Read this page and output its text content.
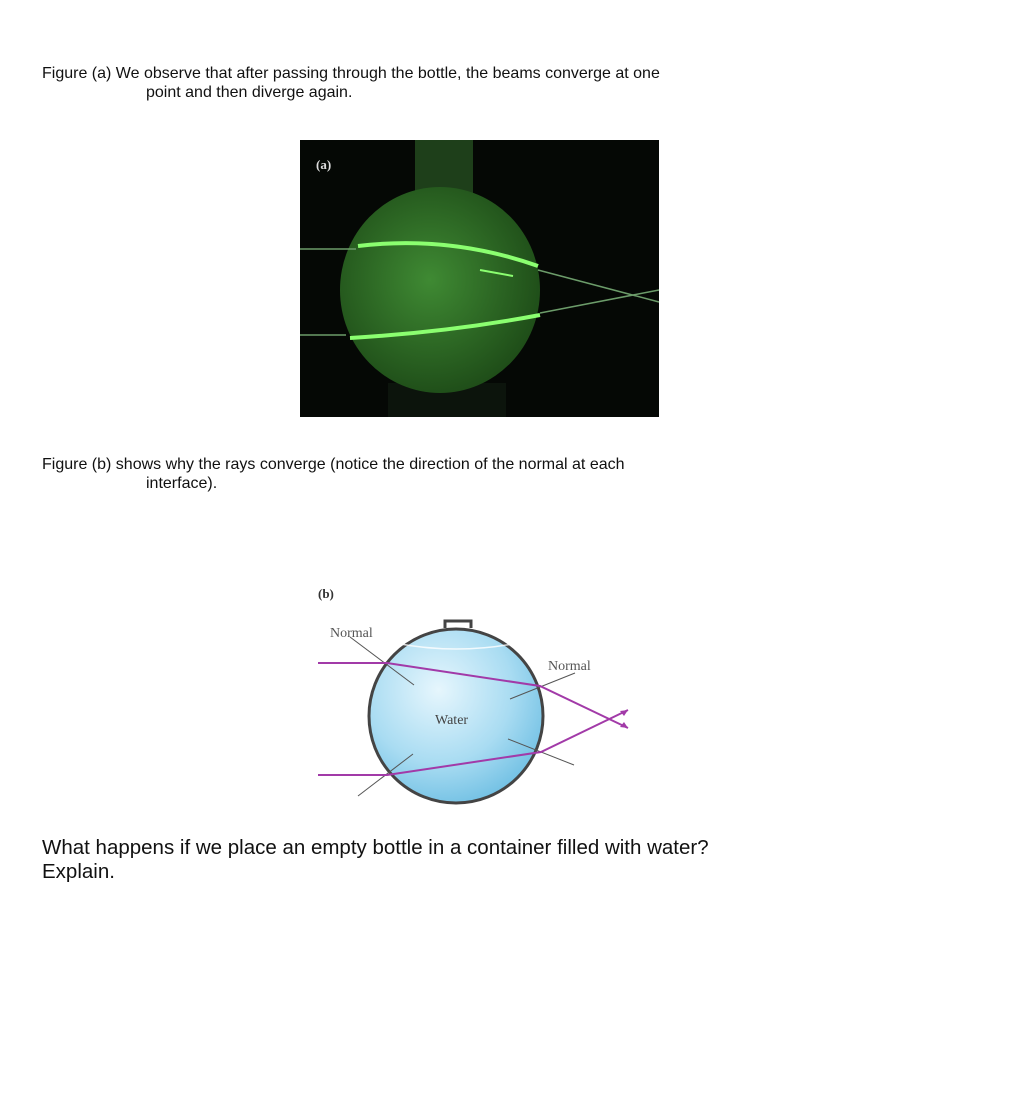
Figure (a) We observe that after passing through the bottle, the beams converge at one
point and then diverge again.
(a)
(b)
Normal
Normal
Water
Figure (b) shows why the rays converge (notice the direction of the normal at each
interface).
What happens if we place an empty bottle in a container filled with water?
Explain.
